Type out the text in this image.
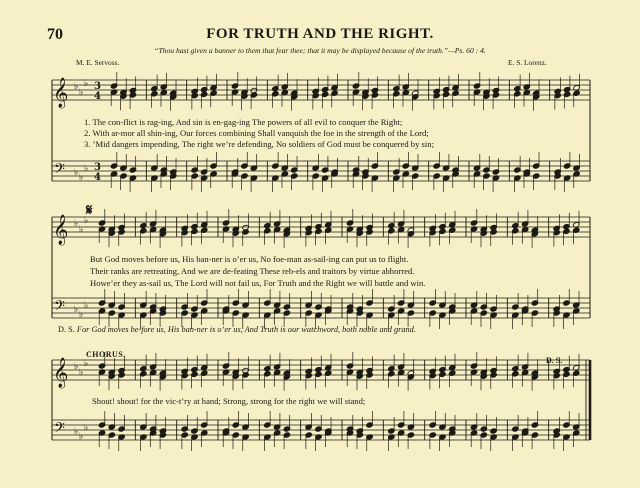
𝄞
𝄢
♭
♭
♭
♭ ♭
♭
3
4
3
4
𝄞
𝄢
♭
♭
♭
♭ ♭
♭
𝄞
𝄢
♭
♭
♭
♭ ♭
♭
𝄋
70	FOR TRUTH AND THE RIGHT.
“Thou hast given a banner to them that fear thee; that it may be displayed because of the truth.”—Ps. 60 : 4.
M. E. Servoss.	E. S. Lorenz.
1. The con-flict is rag-ing, And sin is en-gag-ing The powers of all evil to conquer the Right;
2. With ar-mor all shin-ing, Our forces combining Shall vanquish the foe in the strength of the Lord;
3. ’Mid dangers impending, The right we’re defending, No soldiers of God must be conquered by sin;
But God moves before us, His ban-ner is o’er us, No foe-man as-sail-ing can put us to flight.
Their ranks are retreating, And we are de-feating These reb-els and traitors by virtue abhorred.
Howe’er they as-sail us, The Lord will not fail us, For Truth and the Right we will battle and win.
D. S. For God moves be-fore us, His ban-ner is o’er us, And Truth is our watchword, both noble and grand.
CHORUS.
Shout! shout! for the vic-t’ry at hand; Strong, strong for the right we will stand;
D. S.
